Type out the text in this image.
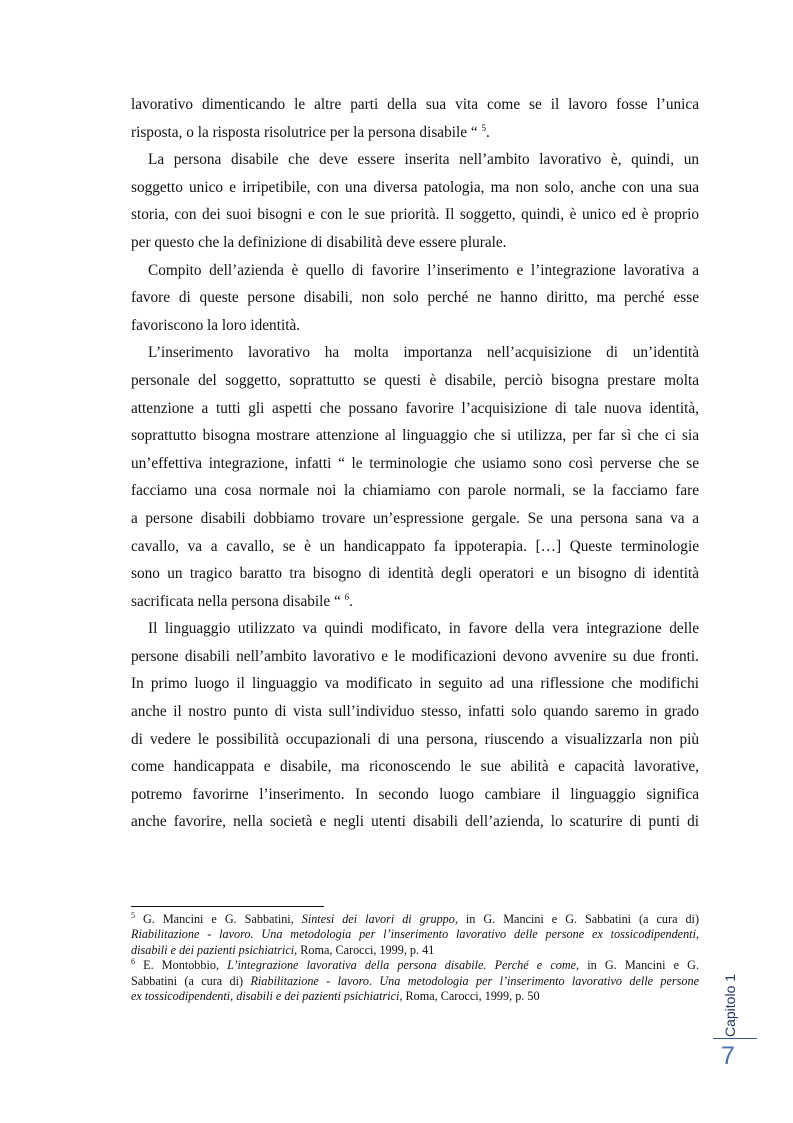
lavorativo dimenticando le altre parti della sua vita come se il lavoro fosse l’unica
risposta, o la risposta risolutrice per la persona disabile “ $^5$.

La persona disabile che deve essere inserita nell’ambito lavorativo è, quindi, un
soggetto unico e irripetibile, con una diversa patologia, ma non solo, anche con una sua
storia, con dei suoi bisogni e con le sue priorità. Il soggetto, quindi, è unico ed è proprio
per questo che la definizione di disabilità deve essere plurale.

Compito dell’azienda è quello di favorire l’inserimento e l’integrazione lavorativa a
favore di queste persone disabili, non solo perché ne hanno diritto, ma perché esse
favoriscono la loro identità.

L’inserimento lavorativo ha molta importanza nell’acquisizione di un’identità
personale del soggetto, soprattutto se questi è disabile, perciò bisogna prestare molta
attenzione a tutti gli aspetti che possano favorire l’acquisizione di tale nuova identità,
soprattutto bisogna mostrare attenzione al linguaggio che si utilizza, per far sì che ci sia
un’effettiva integrazione, infatti “ le terminologie che usiamo sono così perverse che se
facciamo una cosa normale noi la chiamiamo con parole normali, se la facciamo fare
a persone disabili dobbiamo trovare un’espressione gergale. Se una persona sana va a
cavallo, va a cavallo, se è un handicappato fa ippoterapia. […] Queste terminologie
sono un tragico baratto tra bisogno di identità degli operatori e un bisogno di identità
sacrificata nella persona disabile “ $^6$.

Il linguaggio utilizzato va quindi modificato, in favore della vera integrazione delle
persone disabili nell’ambito lavorativo e le modificazioni devono avvenire su due fronti.
In primo luogo il linguaggio va modificato in seguito ad una riflessione che modifichi
anche il nostro punto di vista sull’individuo stesso, infatti solo quando saremo in grado
di vedere le possibilità occupazionali di una persona, riuscendo a visualizzarla non più
come handicappata e disabile, ma riconoscendo le sue abilità e capacità lavorative,
potremo favorirne l’inserimento. In secondo luogo cambiare il linguaggio significa
anche favorire, nella società e negli utenti disabili dell’azienda, lo scaturire di punti di

$^5$ G. Mancini e G. Sabbatini, Sintesi dei lavori di gruppo, in G. Mancini e G. Sabbatini (a cura di)
Riabilitazione - lavoro. Una metodologia per l’inserimento lavorativo delle persone ex tossicodipendenti,
disabili e dei pazienti psichiatrici, Roma, Carocci, 1999, p. 41
$^6$ E. Montobbio, L’integrazione lavorativa della persona disabile. Perché e come, in G. Mancini e G.
Sabbatini (a cura di) Riabilitazione - lavoro. Una metodologia per l’inserimento lavorativo delle persone
ex tossicodipendenti, disabili e dei pazienti psichiatrici, Roma, Carocci, 1999, p. 50	Capitolo 1
7
